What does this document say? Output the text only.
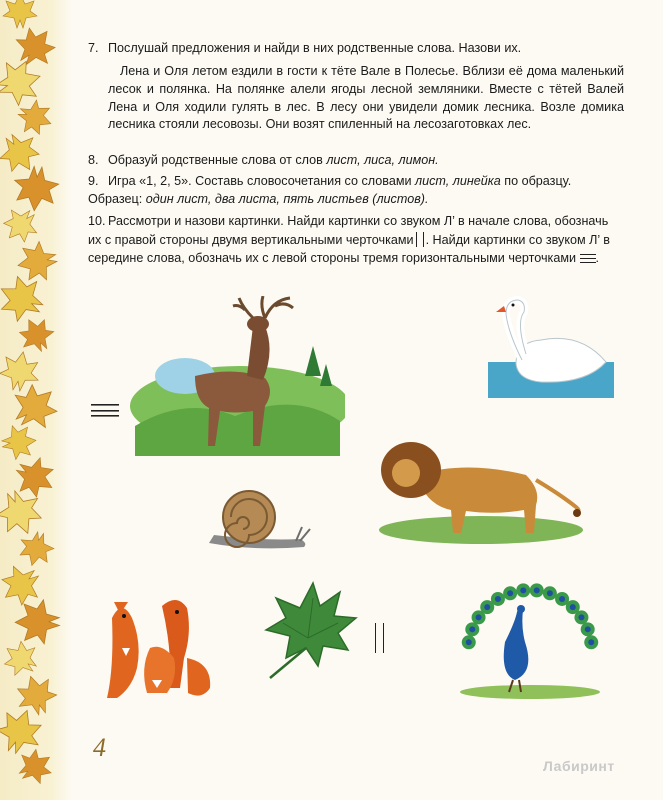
7. Послушай предложения и найди в них родственные слова. Назови их.

Лена и Оля летом ездили в гости к тёте Вале в Полесье. Вблизи её дома маленький лесок и полянка. На полянке алели ягоды лесной земляники. Вместе с тётей Валей Лена и Оля ходили гулять в лес. В лесу они увидели домик лесника. Возле домика лесника стояли лесовозы. Они возят спиленный на лесозаготовках лес.

8. Образуй родственные слова от слов лист, лиса, лимон.
9. Игра «1, 2, 5». Составь словосочетания со словами лист, линейка по образцу. Образец: один лист, два листа, пять листьев (листов).
10. Рассмотри и назови картинки. Найди картинки со звуком Л’ в начале слова, обозначь их с правой стороны двумя вертикальными черточками . Найди картинки со звуком Л’ в середине слова, обозначь их с левой стороны тремя горизонтальными черточками .
4
Лабиринт
